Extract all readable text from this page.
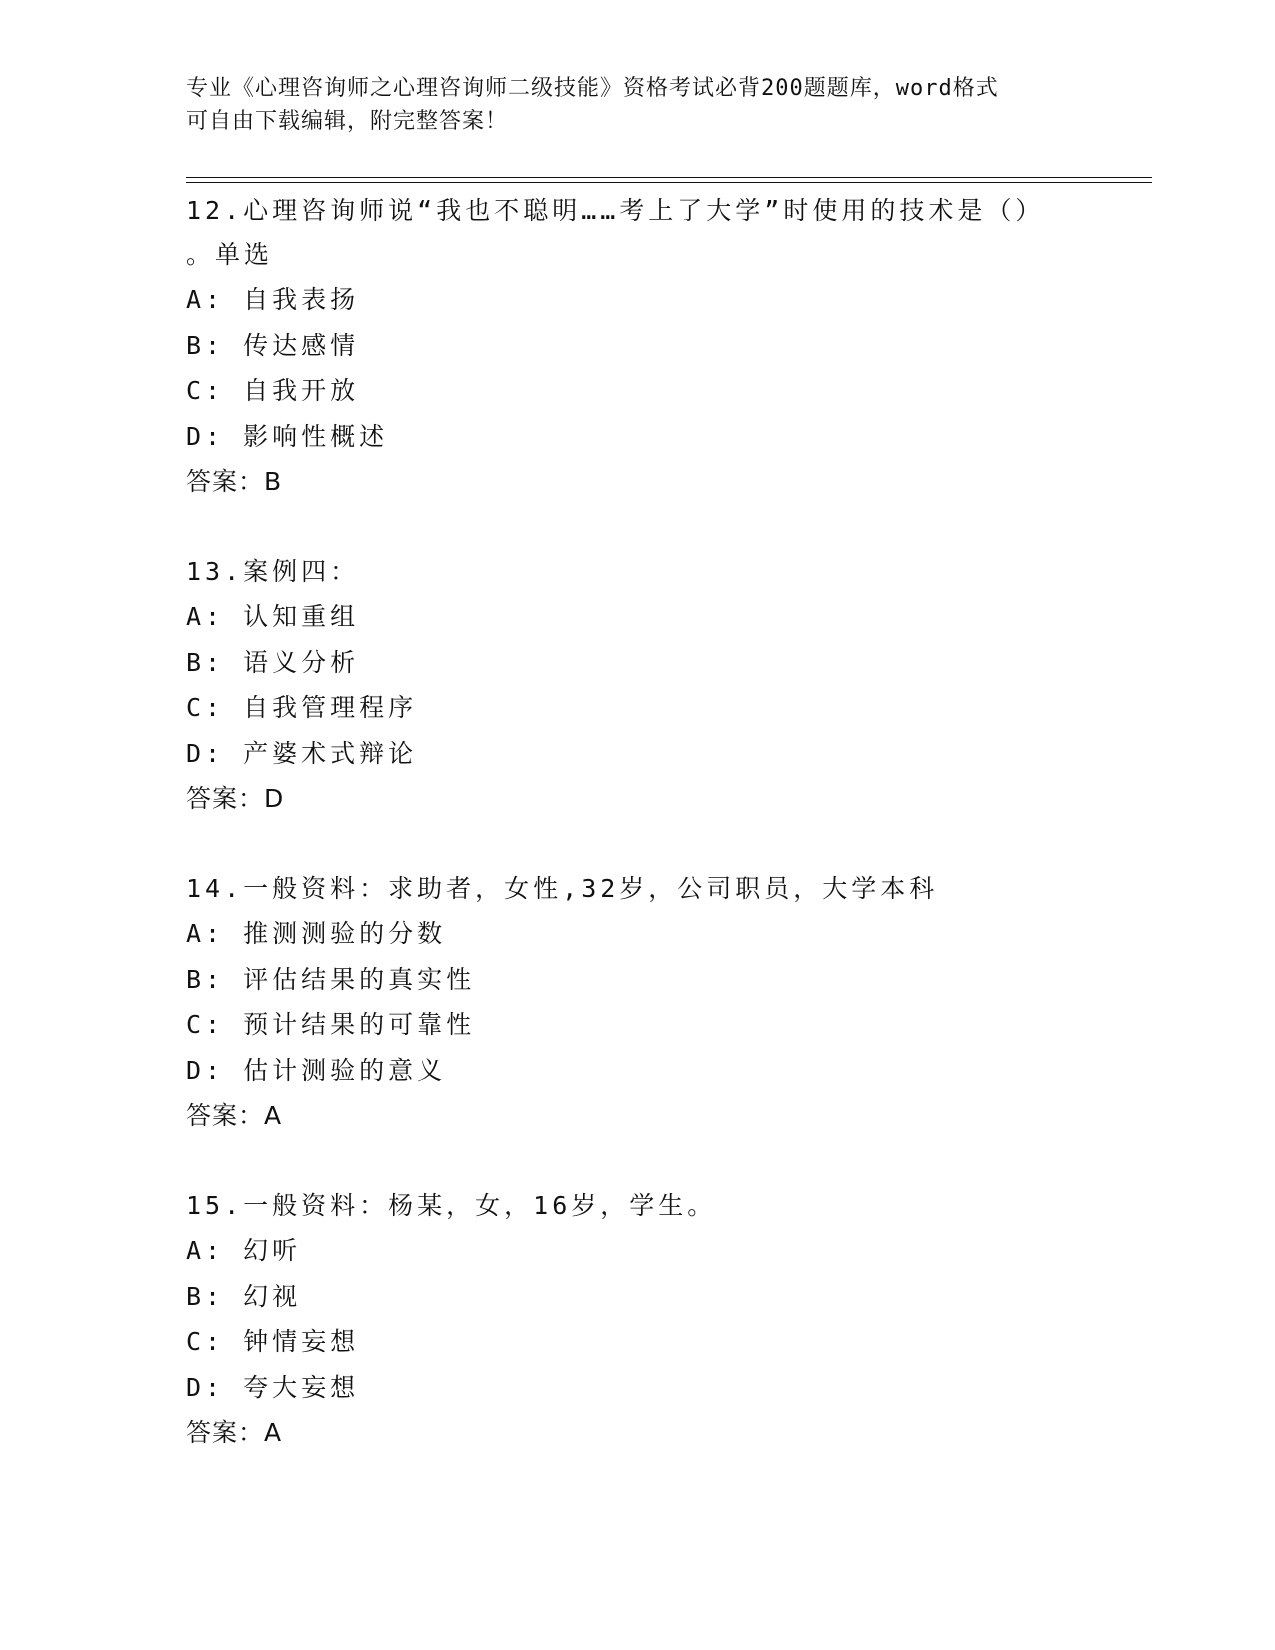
专业《心理咨询师之心理咨询师二级技能》资格考试必背200题题库，word格式
可自由下载编辑，附完整答案！
12.心理咨询师说“我也不聪明……考上了大学”时使用的技术是（）
。单选
A: 自我表扬
B: 传达感情
C: 自我开放
D: 影响性概述
答案：B
13.案例四：
A: 认知重组
B: 语义分析
C: 自我管理程序
D: 产婆术式辩论
答案：D
14.一般资料：求助者，女性,32岁，公司职员，大学本科
A: 推测测验的分数
B: 评估结果的真实性
C: 预计结果的可靠性
D: 估计测验的意义
答案：A
15.一般资料：杨某，女，16岁，学生。
A: 幻听
B: 幻视
C: 钟情妄想
D: 夸大妄想
答案：A
